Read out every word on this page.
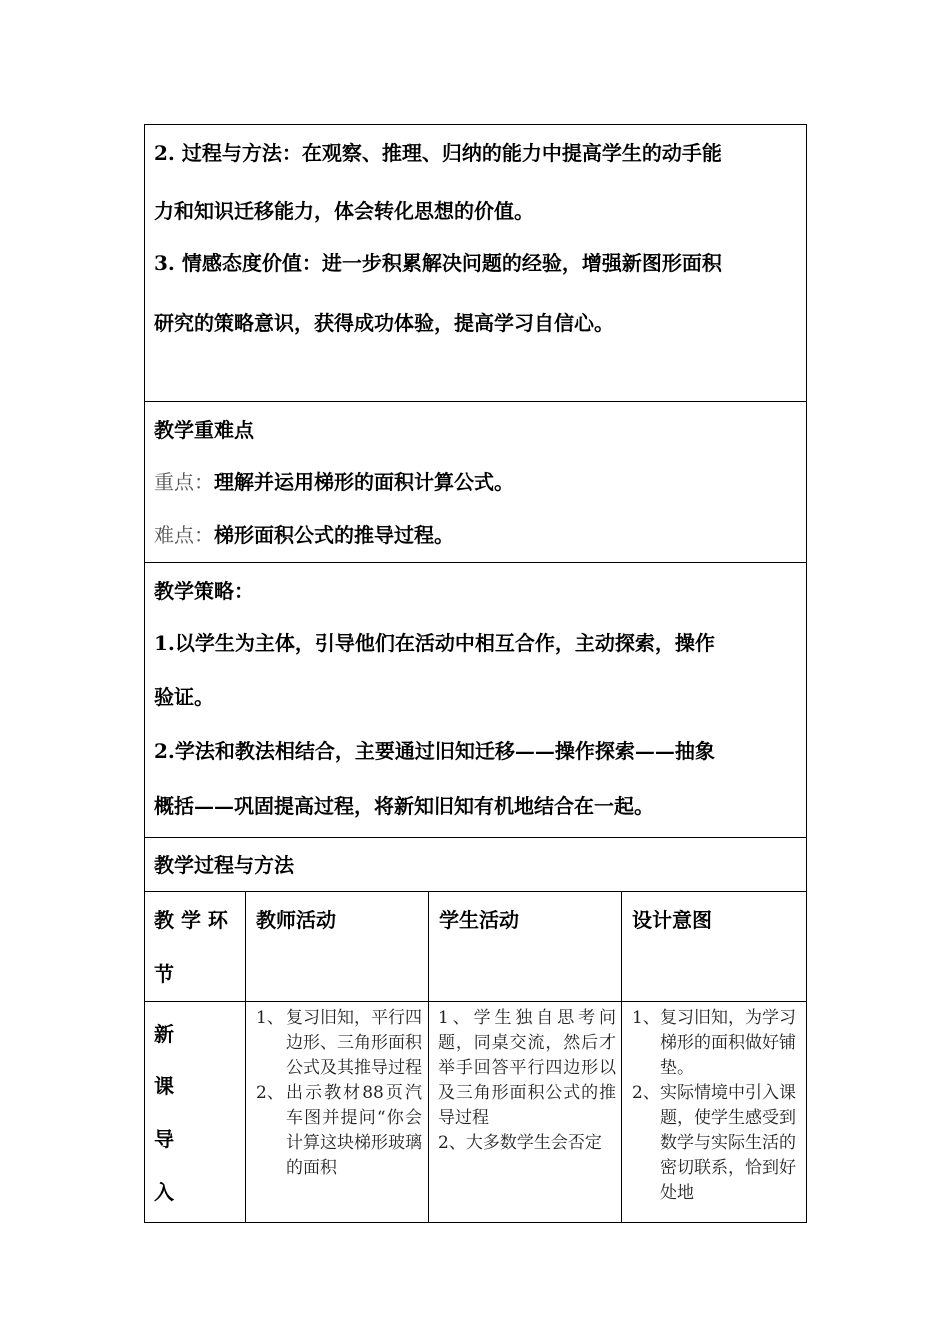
2. 过程与方法：在观察、推理、归纳的能力中提高学生的动手能
力和知识迁移能力，体会转化思想的价值。
3. 情感态度价值：进一步积累解决问题的经验，增强新图形面积
研究的策略意识，获得成功体验，提高学习自信心。
教学重难点
重点：理解并运用梯形的面积计算公式。
难点：梯形面积公式的推导过程。
教学策略：
1.以学生为主体，引导他们在活动中相互合作，主动探索，操作
验证。
2.学法和教法相结合，主要通过旧知迁移——操作探索——抽象
概括——巩固提高过程，将新知旧知有机地结合在一起。
教学过程与方法
教 学 环
节
教师活动	学生活动	设计意图
新
课
导
入
1、 复习旧知，平行四边形、三角形面积公式及其推导过程
2、 出示教材88页汽车图并提问“你会计算这块梯形玻璃的面积
1、学生独自思考问题，同桌交流，然后才举手回答平行四边形以及三角形面积公式的推导过程
2、大多数学生会否定
1、 复习旧知，为学习梯形的面积做好铺垫。
2、 实际情境中引入课题，使学生感受到数学与实际生活的密切联系，恰到好处地
